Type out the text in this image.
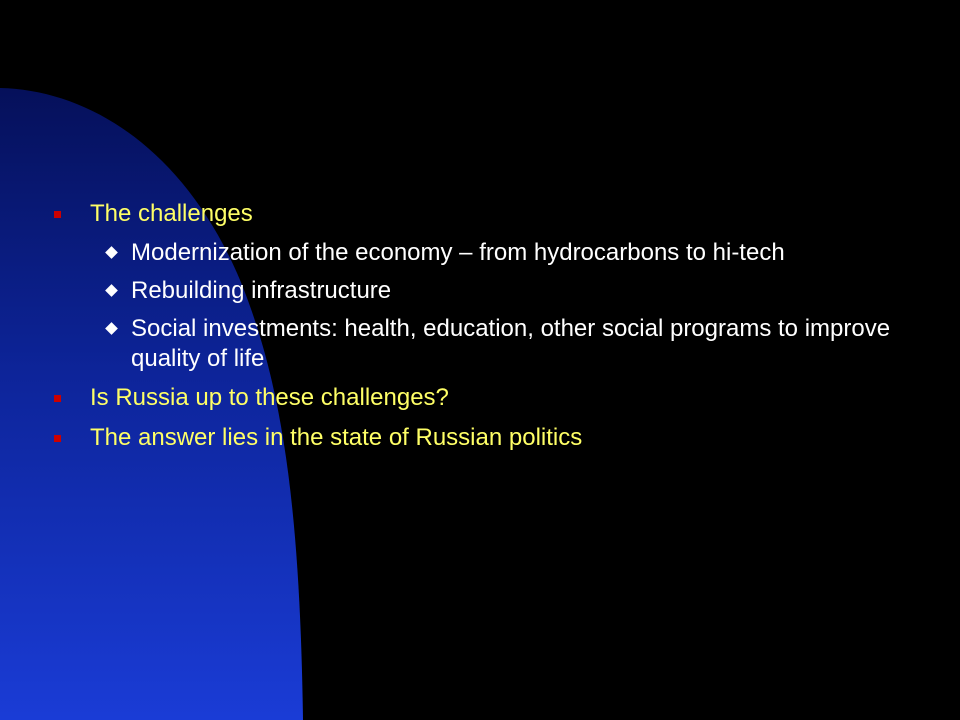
The challenges
Modernization of the economy – from hydrocarbons to hi-tech
Rebuilding infrastructure
Social investments: health, education, other social programs to improve quality of life
Is Russia up to these challenges?
The answer lies in the state of Russian politics
